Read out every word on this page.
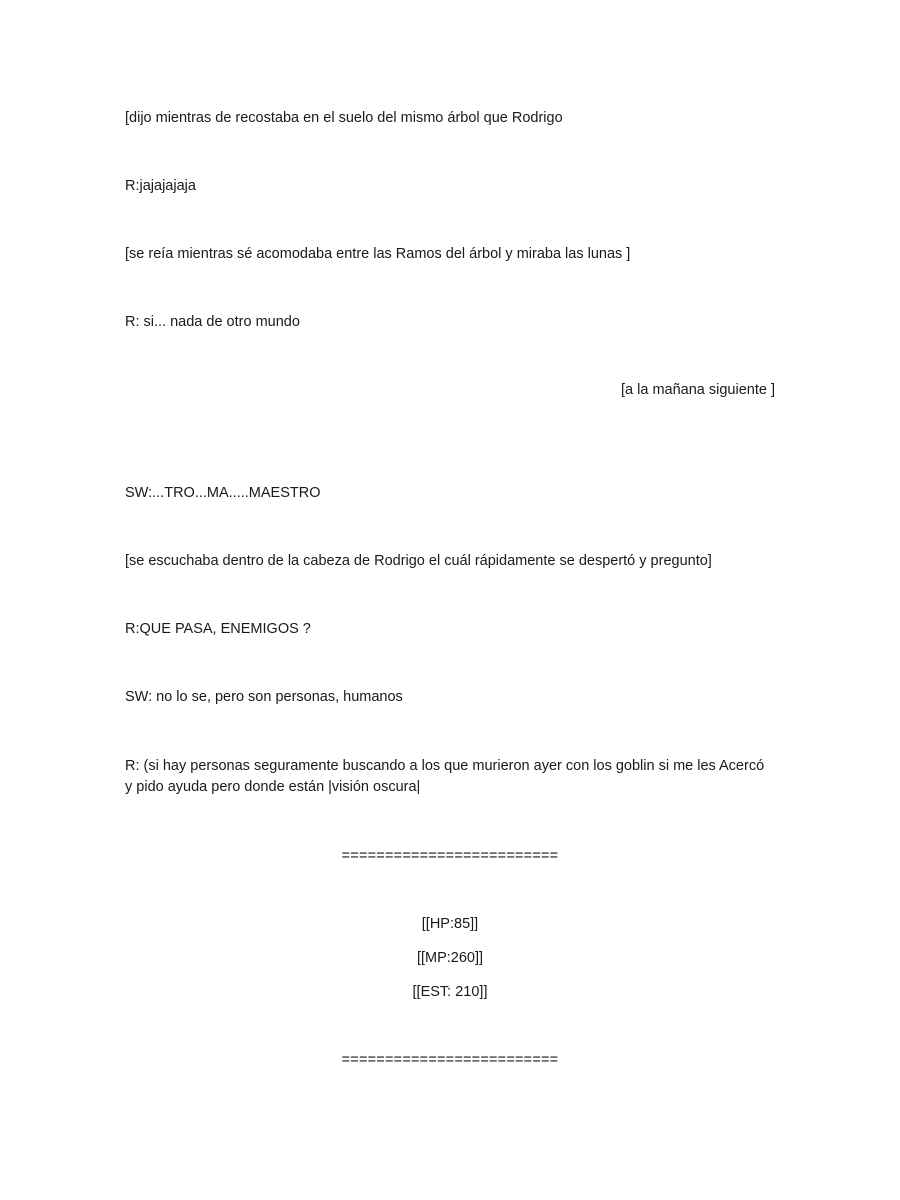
[dijo mientras de recostaba en el suelo del mismo árbol que Rodrigo
R:jajajajaja
[se reía mientras sé acomodaba entre las Ramos del árbol y miraba las lunas ]
R: si... nada de otro mundo
[a la mañana siguiente ]
SW:...TRO...MA.....MAESTRO
[se escuchaba dentro de la cabeza de Rodrigo el cuál rápidamente se despertó y pregunto]
R:QUE PASA, ENEMIGOS ?
SW: no lo se, pero son personas, humanos
R: (si hay personas seguramente buscando a los que murieron ayer con los goblin si me les Acercó y pido ayuda pero donde están |visión oscura|
=========================
[[HP:85]]
[[MP:260]]
[[EST: 210]]
=========================
